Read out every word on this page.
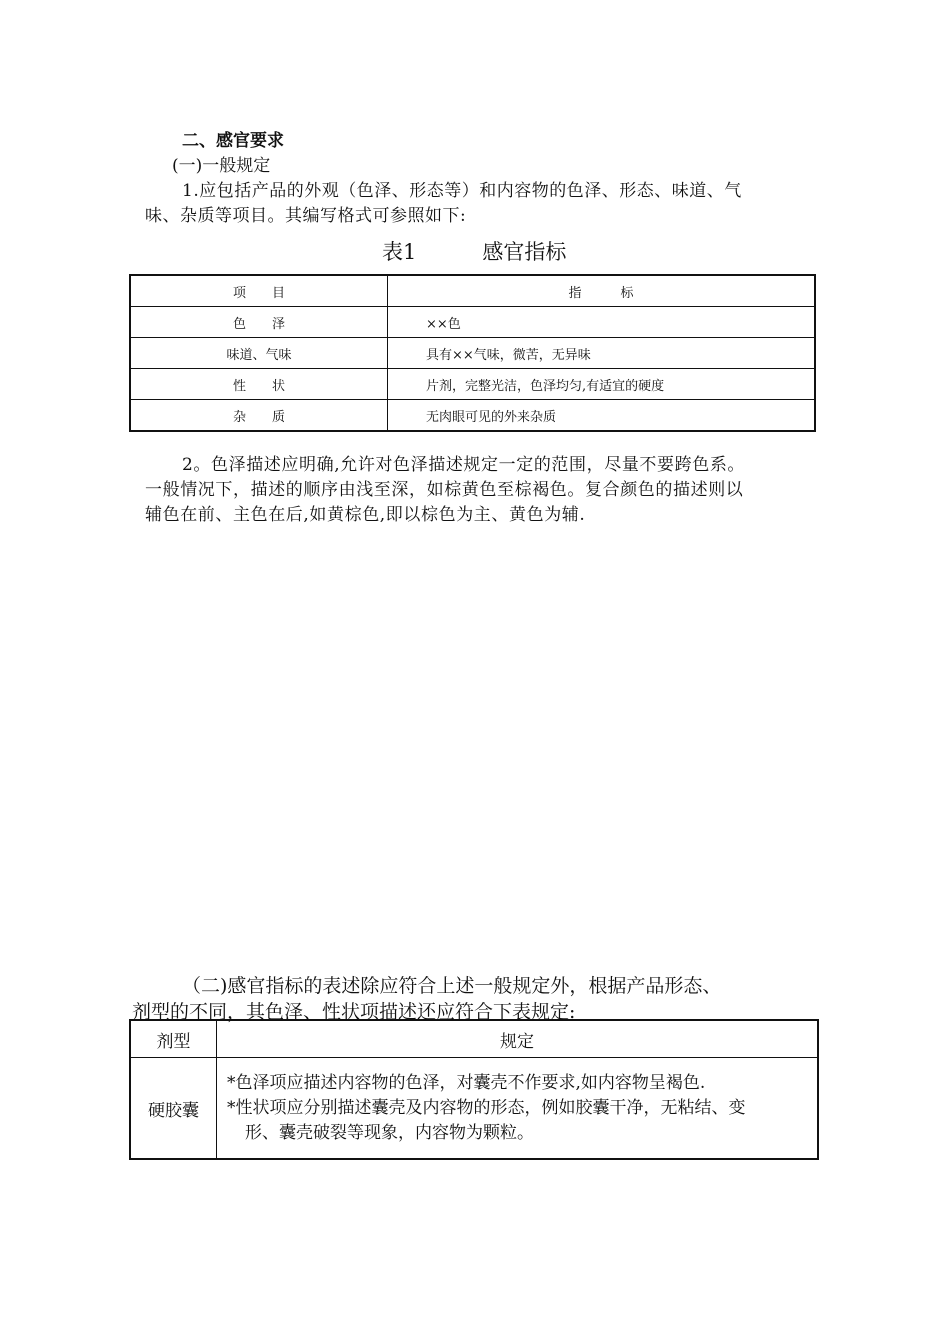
二、感官要求
(一)一般规定
1.应包括产品的外观（色泽、形态等）和内容物的色泽、形态、味道、气
味、杂质等项目。其编写格式可参照如下:
表1	感官指标
项　　目	指　　　标
色　　泽	××色
味道、气味	具有××气味，微苦，无异味
性　　状	片剂，完整光洁，色泽均匀,有适宜的硬度
杂　　质	无肉眼可见的外来杂质
2。色泽描述应明确,允许对色泽描述规定一定的范围，尽量不要跨色系。
一般情况下，描述的顺序由浅至深，如棕黄色至棕褐色。复合颜色的描述则以
辅色在前、主色在后,如黄棕色,即以棕色为主、黄色为辅.
（二)感官指标的表述除应符合上述一般规定外，根据产品形态、
剂型的不同，其色泽、性状项描述还应符合下表规定:
剂型	规定
硬胶囊	*色泽项应描述内容物的色泽，对囊壳不作要求,如内容物呈褐色.
*性状项应分别描述囊壳及内容物的形态，例如胶囊干净，无粘结、变
形、囊壳破裂等现象，内容物为颗粒。
